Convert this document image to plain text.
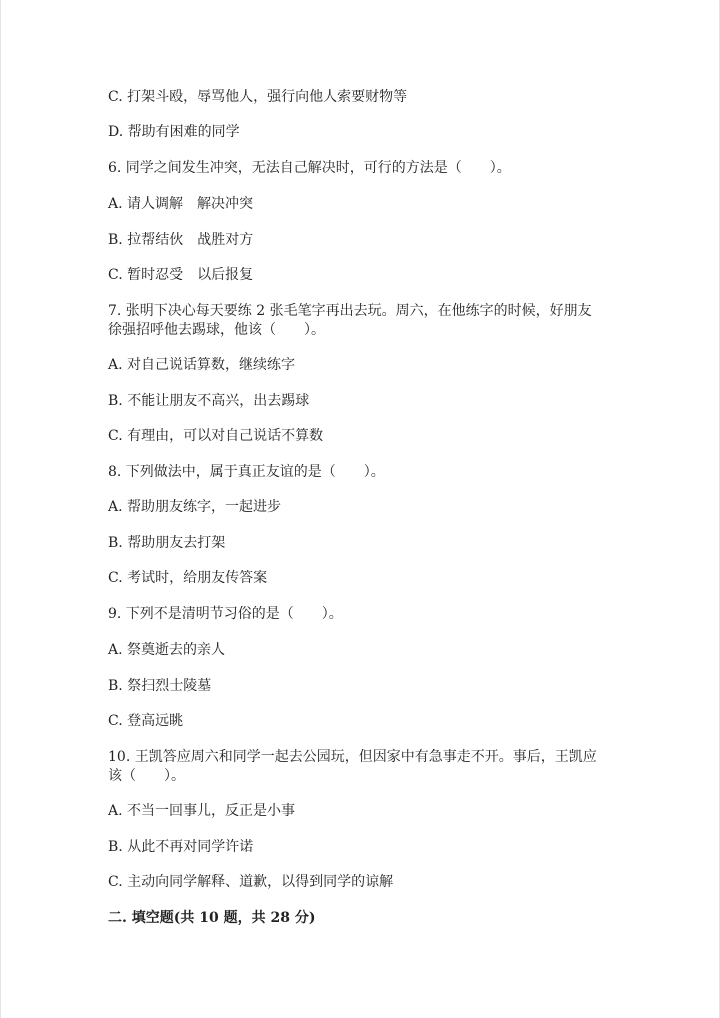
C. 打架斗殴，辱骂他人，强行向他人索要财物等
D. 帮助有困难的同学
6. 同学之间发生冲突，无法自己解决时，可行的方法是（　　）。
A. 请人调解　解决冲突
B. 拉帮结伙　战胜对方
C. 暂时忍受　以后报复
7. 张明下决心每天要练 2 张毛笔字再出去玩。周六，在他练字的时候，好朋友
徐强招呼他去踢球，他该（　　）。
A. 对自己说话算数，继续练字
B. 不能让朋友不高兴，出去踢球
C. 有理由，可以对自己说话不算数
8. 下列做法中，属于真正友谊的是（　　）。
A. 帮助朋友练字，一起进步
B. 帮助朋友去打架
C. 考试时，给朋友传答案
9. 下列不是清明节习俗的是（　　）。
A. 祭奠逝去的亲人
B. 祭扫烈士陵墓
C. 登高远眺
10. 王凯答应周六和同学一起去公园玩，但因家中有急事走不开。事后，王凯应
该（　　）。
A. 不当一回事儿，反正是小事
B. 从此不再对同学许诺
C. 主动向同学解释、道歉，以得到同学的谅解
二. 填空题(共 10 题，共 28 分)
